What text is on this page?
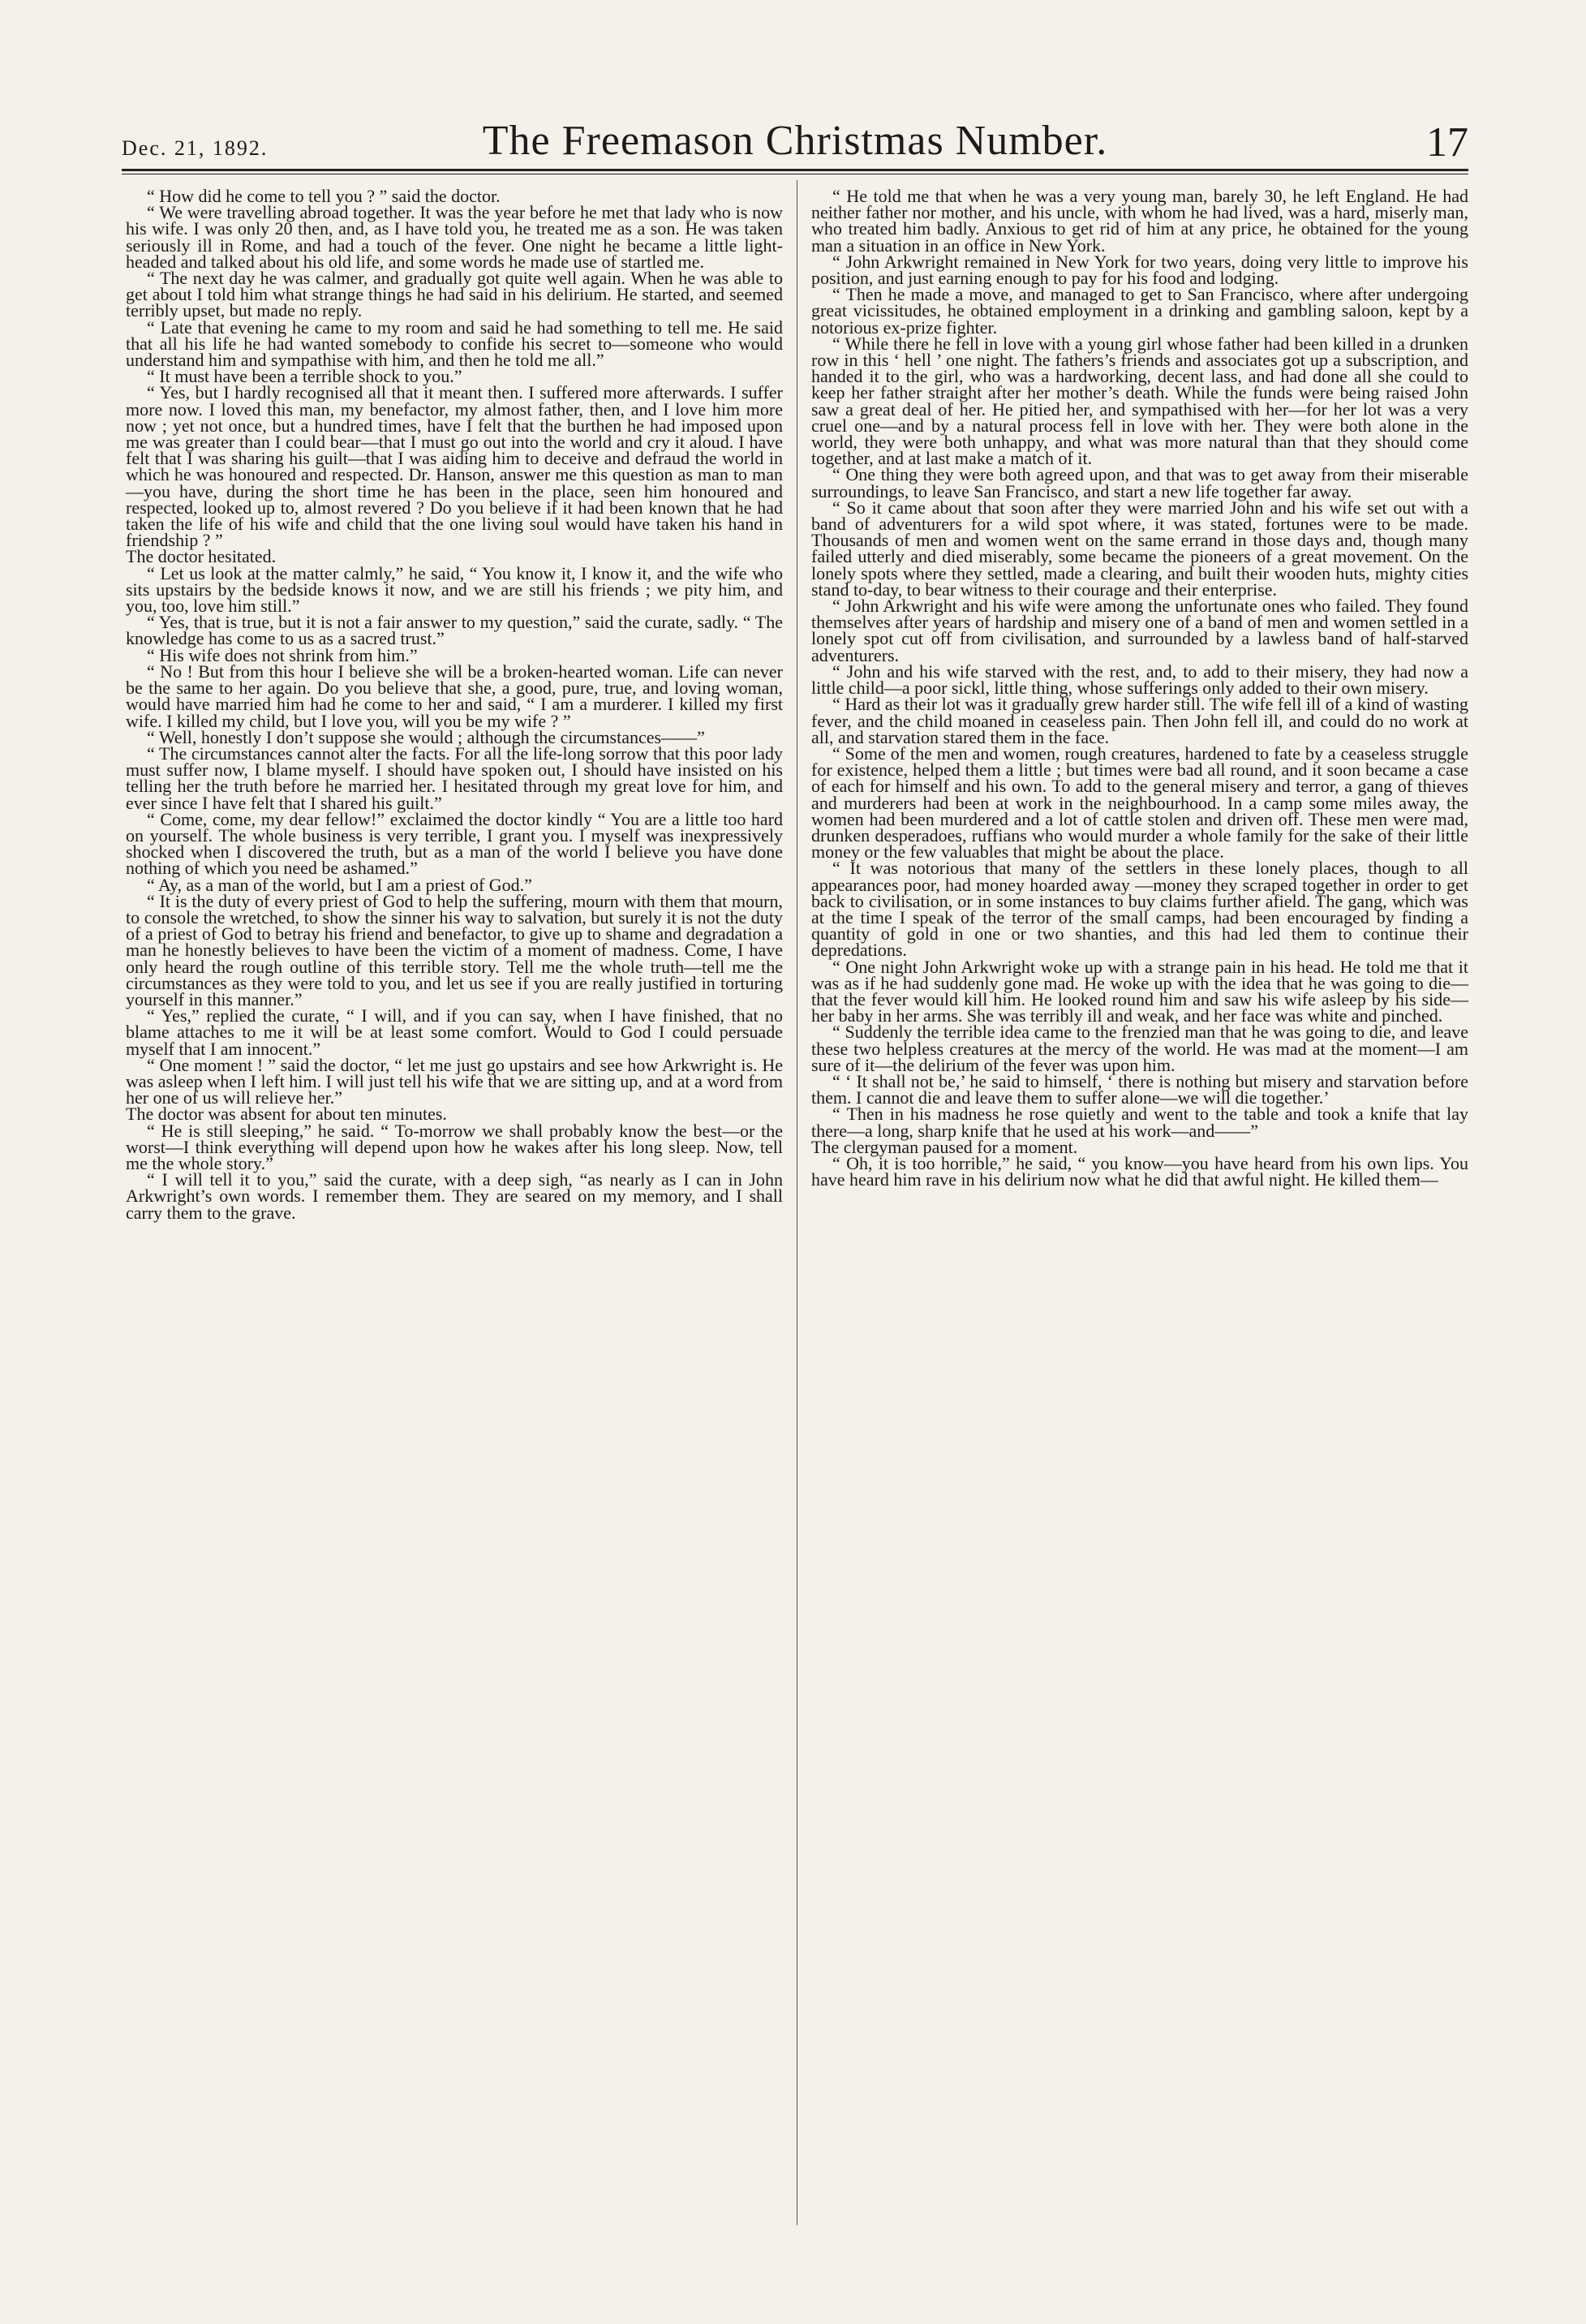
Dec. 21, 1892.	The Freemason Christmas Number.	17

“ How did he come to tell you ? ” said the doctor.

“ We were travelling abroad together. It was the year before he met that lady who is now his wife. I was only 20 then, and, as I have told you, he treated me as a son. He was taken seriously ill in Rome, and had a touch of the fever. One night he became a little light-headed and talked about his old life, and some words he made use of startled me.

“ The next day he was calmer, and gradually got quite well again. When he was able to get about I told him what strange things he had said in his delirium. He started, and seemed terribly upset, but made no reply.

“ Late that evening he came to my room and said he had something to tell me. He said that all his life he had wanted somebody to confide his secret to—someone who would understand him and sympathise with him, and then he told me all.”

“ It must have been a terrible shock to you.”

“ Yes, but I hardly recognised all that it meant then. I suffered more afterwards. I suffer more now. I loved this man, my benefactor, my almost father, then, and I love him more now ; yet not once, but a hundred times, have I felt that the burthen he had imposed upon me was greater than I could bear—that I must go out into the world and cry it aloud. I have felt that I was sharing his guilt—that I was aiding him to deceive and defraud the world in which he was honoured and respected. Dr. Hanson, answer me this question as man to man—you have, during the short time he has been in the place, seen him honoured and respected, looked up to, almost revered ? Do you believe if it had been known that he had taken the life of his wife and child that the one living soul would have taken his hand in friendship ? ”

The doctor hesitated.

“ Let us look at the matter calmly,” he said, “ You know it, I know it, and the wife who sits upstairs by the bedside knows it now, and we are still his friends ; we pity him, and you, too, love him still.”

“ Yes, that is true, but it is not a fair answer to my question,” said the curate, sadly. “ The knowledge has come to us as a sacred trust.”

“ His wife does not shrink from him.”

“ No ! But from this hour I believe she will be a broken-hearted woman. Life can never be the same to her again. Do you believe that she, a good, pure, true, and loving woman, would have married him had he come to her and said, “ I am a murderer. I killed my first wife. I killed my child, but I love you, will you be my wife ? ”

“ Well, honestly I don’t suppose she would ; although the circumstances——”

“ The circumstances cannot alter the facts. For all the life-long sorrow that this poor lady must suffer now, I blame myself. I should have spoken out, I should have insisted on his telling her the truth before he married her. I hesitated through my great love for him, and ever since I have felt that I shared his guilt.”

“ Come, come, my dear fellow!” exclaimed the doctor kindly “ You are a little too hard on yourself. The whole business is very terrible, I grant you. I myself was inexpressively shocked when I discovered the truth, but as a man of the world I believe you have done nothing of which you need be ashamed.”

“ Ay, as a man of the world, but I am a priest of God.”

“ It is the duty of every priest of God to help the suffering, mourn with them that mourn, to console the wretched, to show the sinner his way to salvation, but surely it is not the duty of a priest of God to betray his friend and benefactor, to give up to shame and degradation a man he honestly believes to have been the victim of a moment of madness. Come, I have only heard the rough outline of this terrible story. Tell me the whole truth—tell me the circumstances as they were told to you, and let us see if you are really justified in torturing yourself in this manner.”

“ Yes,” replied the curate, “ I will, and if you can say, when I have finished, that no blame attaches to me it will be at least some comfort. Would to God I could persuade myself that I am innocent.”

“ One moment ! ” said the doctor, “ let me just go upstairs and see how Arkwright is. He was asleep when I left him. I will just tell his wife that we are sitting up, and at a word from her one of us will relieve her.”

The doctor was absent for about ten minutes.

“ He is still sleeping,” he said. “ To-morrow we shall probably know the best—or the worst—I think everything will depend upon how he wakes after his long sleep. Now, tell me the whole story.”

“ I will tell it to you,” said the curate, with a deep sigh, “as nearly as I can in John Arkwright’s own words. I remember them. They are seared on my memory, and I shall carry them to the grave.

“ He told me that when he was a very young man, barely 30, he left England. He had neither father nor mother, and his uncle, with whom he had lived, was a hard, miserly man, who treated him badly. Anxious to get rid of him at any price, he obtained for the young man a situation in an office in New York.

“ John Arkwright remained in New York for two years, doing very little to improve his position, and just earning enough to pay for his food and lodging.

“ Then he made a move, and managed to get to San Francisco, where after undergoing great vicissitudes, he obtained employment in a drinking and gambling saloon, kept by a notorious ex-prize fighter.

“ While there he fell in love with a young girl whose father had been killed in a drunken row in this ‘ hell ’ one night. The fathers’s friends and associates got up a subscription, and handed it to the girl, who was a hardworking, decent lass, and had done all she could to keep her father straight after her mother’s death. While the funds were being raised John saw a great deal of her. He pitied her, and sympathised with her—for her lot was a very cruel one—and by a natural process fell in love with her. They were both alone in the world, they were both unhappy, and what was more natural than that they should come together, and at last make a match of it.

“ One thing they were both agreed upon, and that was to get away from their miserable surroundings, to leave San Francisco, and start a new life together far away.

“ So it came about that soon after they were married John and his wife set out with a band of adventurers for a wild spot where, it was stated, fortunes were to be made. Thousands of men and women went on the same errand in those days and, though many failed utterly and died miserably, some became the pioneers of a great movement. On the lonely spots where they settled, made a clearing, and built their wooden huts, mighty cities stand to-day, to bear witness to their courage and their enterprise.

“ John Arkwright and his wife were among the unfortunate ones who failed. They found themselves after years of hardship and misery one of a band of men and women settled in a lonely spot cut off from civilisation, and surrounded by a lawless band of half-starved adventurers.

“ John and his wife starved with the rest, and, to add to their misery, they had now a little child—a poor sickl, little thing, whose sufferings only added to their own misery.

“ Hard as their lot was it gradually grew harder still. The wife fell ill of a kind of wasting fever, and the child moaned in ceaseless pain. Then John fell ill, and could do no work at all, and starvation stared them in the face.

“ Some of the men and women, rough creatures, hardened to fate by a ceaseless struggle for existence, helped them a little ; but times were bad all round, and it soon became a case of each for himself and his own. To add to the general misery and terror, a gang of thieves and murderers had been at work in the neighbourhood. In a camp some miles away, the women had been murdered and a lot of cattle stolen and driven off. These men were mad, drunken desperadoes, ruffians who would murder a whole family for the sake of their little money or the few valuables that might be about the place.

“ It was notorious that many of the settlers in these lonely places, though to all appearances poor, had money hoarded away —money they scraped together in order to get back to civilisation, or in some instances to buy claims further afield. The gang, which was at the time I speak of the terror of the small camps, had been encouraged by finding a quantity of gold in one or two shanties, and this had led them to continue their depredations.

“ One night John Arkwright woke up with a strange pain in his head. He told me that it was as if he had suddenly gone mad. He woke up with the idea that he was going to die—that the fever would kill him. He looked round him and saw his wife asleep by his side—her baby in her arms. She was terribly ill and weak, and her face was white and pinched.

“ Suddenly the terrible idea came to the frenzied man that he was going to die, and leave these two helpless creatures at the mercy of the world. He was mad at the moment—I am sure of it—the delirium of the fever was upon him.

“ ‘ It shall not be,’ he said to himself, ‘ there is nothing but misery and starvation before them. I cannot die and leave them to suffer alone—we will die together.’

“ Then in his madness he rose quietly and went to the table and took a knife that lay there—a long, sharp knife that he used at his work—and——”

The clergyman paused for a moment.

“ Oh, it is too horrible,” he said, “ you know—you have heard from his own lips. You have heard him rave in his delirium now what he did that awful night. He killed them—
